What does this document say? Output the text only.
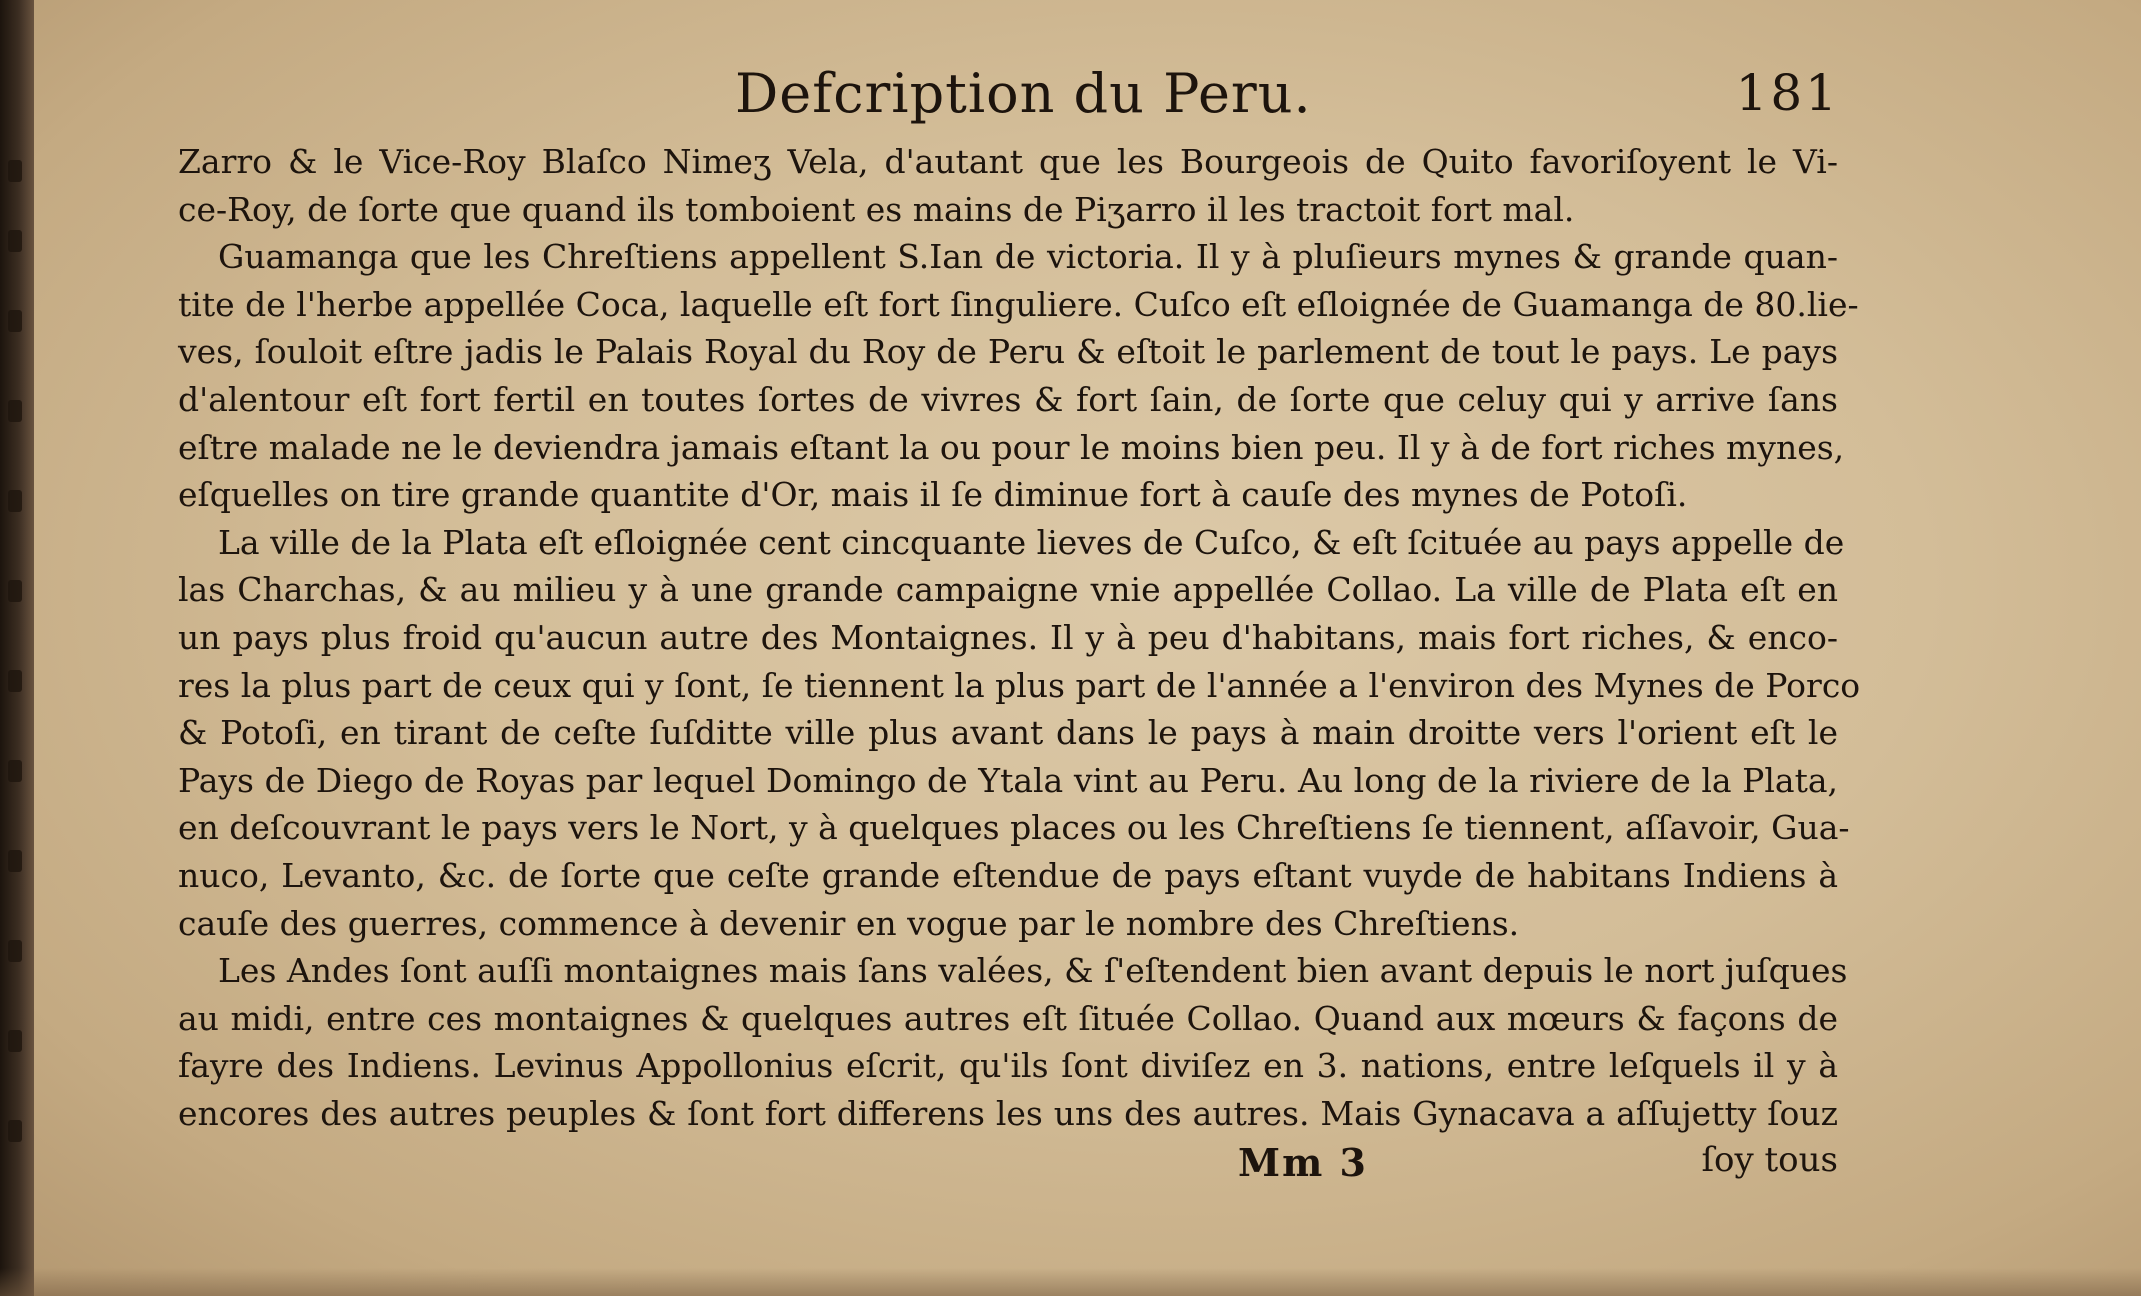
Defcription du Peru.	181
Zarro & le Vice-Roy Blaſco Nimeʒ Vela, d'autant que les Bourgeois de Quito favoriſoyent le Vi-
ce-Roy, de ſorte que quand ils tomboient es mains de Piʒarro il les tractoit fort mal.
Guamanga que les Chreſtiens appellent S.Ian de victoria. Il y à pluſieurs mynes & grande quan-
tite de l'herbe appellée Coca, laquelle eſt fort ſinguliere. Cuſco eſt eſloignée de Guamanga de 80.lie-
ves, ſouloit eſtre jadis le Palais Royal du Roy de Peru & eſtoit le parlement de tout le pays. Le pays
d'alentour eſt fort fertil en toutes ſortes de vivres & fort ſain, de ſorte que celuy qui y arrive ſans
eſtre malade ne le deviendra jamais eſtant la ou pour le moins bien peu. Il y à de fort riches mynes,
eſquelles on tire grande quantite d'Or, mais il ſe diminue fort à cauſe des mynes de Potoſi.
La ville de la Plata eſt eſloignée cent cincquante lieves de Cuſco, & eſt ſcituée au pays appelle de
las Charchas, & au milieu y à une grande campaigne vnie appellée Collao. La ville de Plata eſt en
un pays plus froid qu'aucun autre des Montaignes. Il y à peu d'habitans, mais fort riches, & enco-
res la plus part de ceux qui y ſont, ſe tiennent la plus part de l'année a l'environ des Mynes de Porco
& Potoſi, en tirant de ceſte ſuſditte ville plus avant dans le pays à main droitte vers l'orient eſt le
Pays de Diego de Royas par lequel Domingo de Ytala vint au Peru. Au long de la riviere de la Plata,
en deſcouvrant le pays vers le Nort, y à quelques places ou les Chreſtiens ſe tiennent, aſſavoir, Gua-
nuco, Levanto, &c. de ſorte que ceſte grande eſtendue de pays eſtant vuyde de habitans Indiens à
cauſe des guerres, commence à devenir en vogue par le nombre des Chreſtiens.
Les Andes ſont auſſi montaignes mais ſans valées, & ſ'eſtendent bien avant depuis le nort juſques
au midi, entre ces montaignes & quelques autres eſt ſituée Collao. Quand aux mœurs & façons de
fayre des Indiens. Levinus Appollonius eſcrit, qu'ils ſont diviſez en 3. nations, entre leſquels il y à
encores des autres peuples & ſont fort differens les uns des autres. Mais Gynacava a aſſujetty ſouz
Mm 3	ſoy tous
